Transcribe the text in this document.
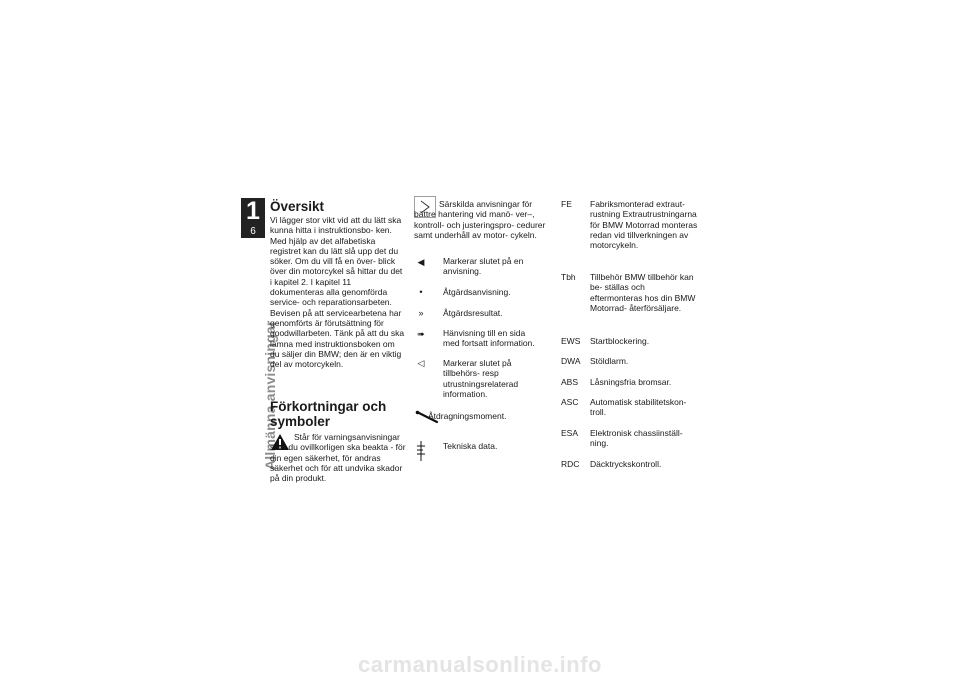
1
6
Allmänna anvisningar
Översikt
Vi lägger stor vikt vid att du lätt ska kunna hitta i instruktionsbo- ken. Med hjälp av det alfabetiska registret kan du lätt slå upp det du söker. Om du vill få en över- blick över din motorcykel så hittar du det i kapitel 2. I kapitel 11 dokumenteras alla genomförda service- och reparationsarbeten. Bevisen på att servicearbetena har genomförts är förutsättning för goodwillarbeten. Tänk på att du ska lämna med instruktionsboken om du säljer din BMW; den är en viktig del av motorcykeln.
Förkortningar och
symboler
Står för varningsanvisningar som du ovillkorligen ska beakta - för din egen säkerhet, för andras säkerhet och för att undvika skador på din produkt.
Särskilda anvisningar för bättre hantering vid manö- ver–, kontroll- och justeringspro- cedurer samt underhåll av motor- cykeln.
◀ Markerar slutet på en anvisning.
•	Åtgärdsanvisning.
» Åtgärdsresultat.
➠ Hänvisning till en sida med fortsatt information.
◁ Markerar slutet på tillbehörs- resp utrustningsrelaterad information.
Åtdragningsmoment.
Tekniska data.
FE	Fabriksmonterad extraut- rustning Extrautrustningarna för BMW Motorrad monteras redan vid tillverkningen av motorcykeln.
Tbh	Tillbehör BMW tillbehör kan be- ställas och eftermonteras hos din BMW Motorrad- återförsäljare.
EWS	Startblockering.
DWA	Stöldlarm.
ABS	Låsningsfria bromsar.
ASC	Automatisk stabilitetskon- troll.
ESA	Elektronisk chassiinställ- ning.
RDC	Däcktryckskontroll.
carmanualsonline.info
